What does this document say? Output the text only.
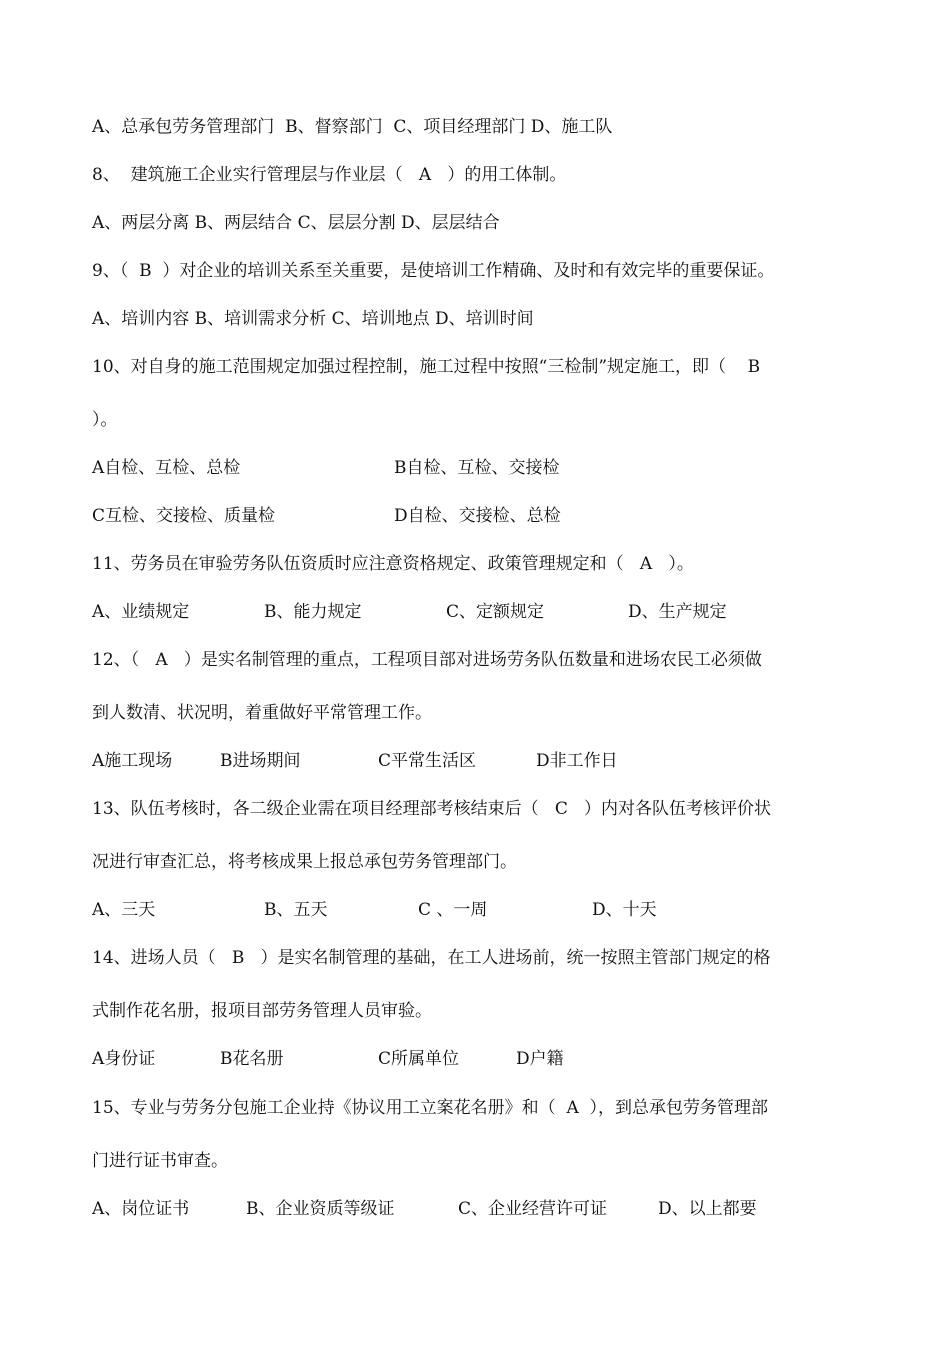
A、总承包劳务管理部门  B、督察部门  C、项目经理部门 D、施工队

8、  建筑施工企业实行管理层与作业层（   A   ）的用工体制。

A、两层分离 B、两层结合 C、层层分割 D、层层结合

9、（  B  ）对企业的培训关系至关重要，是使培训工作精确、及时和有效完毕的重要保证。

A、培训内容 B、培训需求分析 C、培训地点 D、培训时间

10、对自身的施工范围规定加强过程控制，施工过程中按照“三检制”规定施工，即（    B

）。

A自检、互检、总检	B自检、互检、交接检
C互检、交接检、质量检	D自检、交接检、总检

11、劳务员在审验劳务队伍资质时应注意资格规定、政策管理规定和（   A   ）。

A、业绩规定	B、能力规定	C、定额规定	D、生产规定

12、（   A   ）是实名制管理的重点，工程项目部对进场劳务队伍数量和进场农民工必须做

到人数清、状况明，着重做好平常管理工作。

A施工现场	B进场期间	C平常生活区	D非工作日

13、队伍考核时，各二级企业需在项目经理部考核结束后（   C   ）内对各队伍考核评价状

况进行审查汇总，将考核成果上报总承包劳务管理部门。

A、三天	B、五天	C 、一周	D、十天

14、进场人员（   B   ）是实名制管理的基础，在工人进场前，统一按照主管部门规定的格

式制作花名册，报项目部劳务管理人员审验。

A身份证	B花名册	C所属单位	D户籍

15、专业与劳务分包施工企业持《协议用工立案花名册》和（  A  ），到总承包劳务管理部

门进行证书审查。

A、岗位证书	B、企业资质等级证	C、企业经营许可证	D、以上都要
